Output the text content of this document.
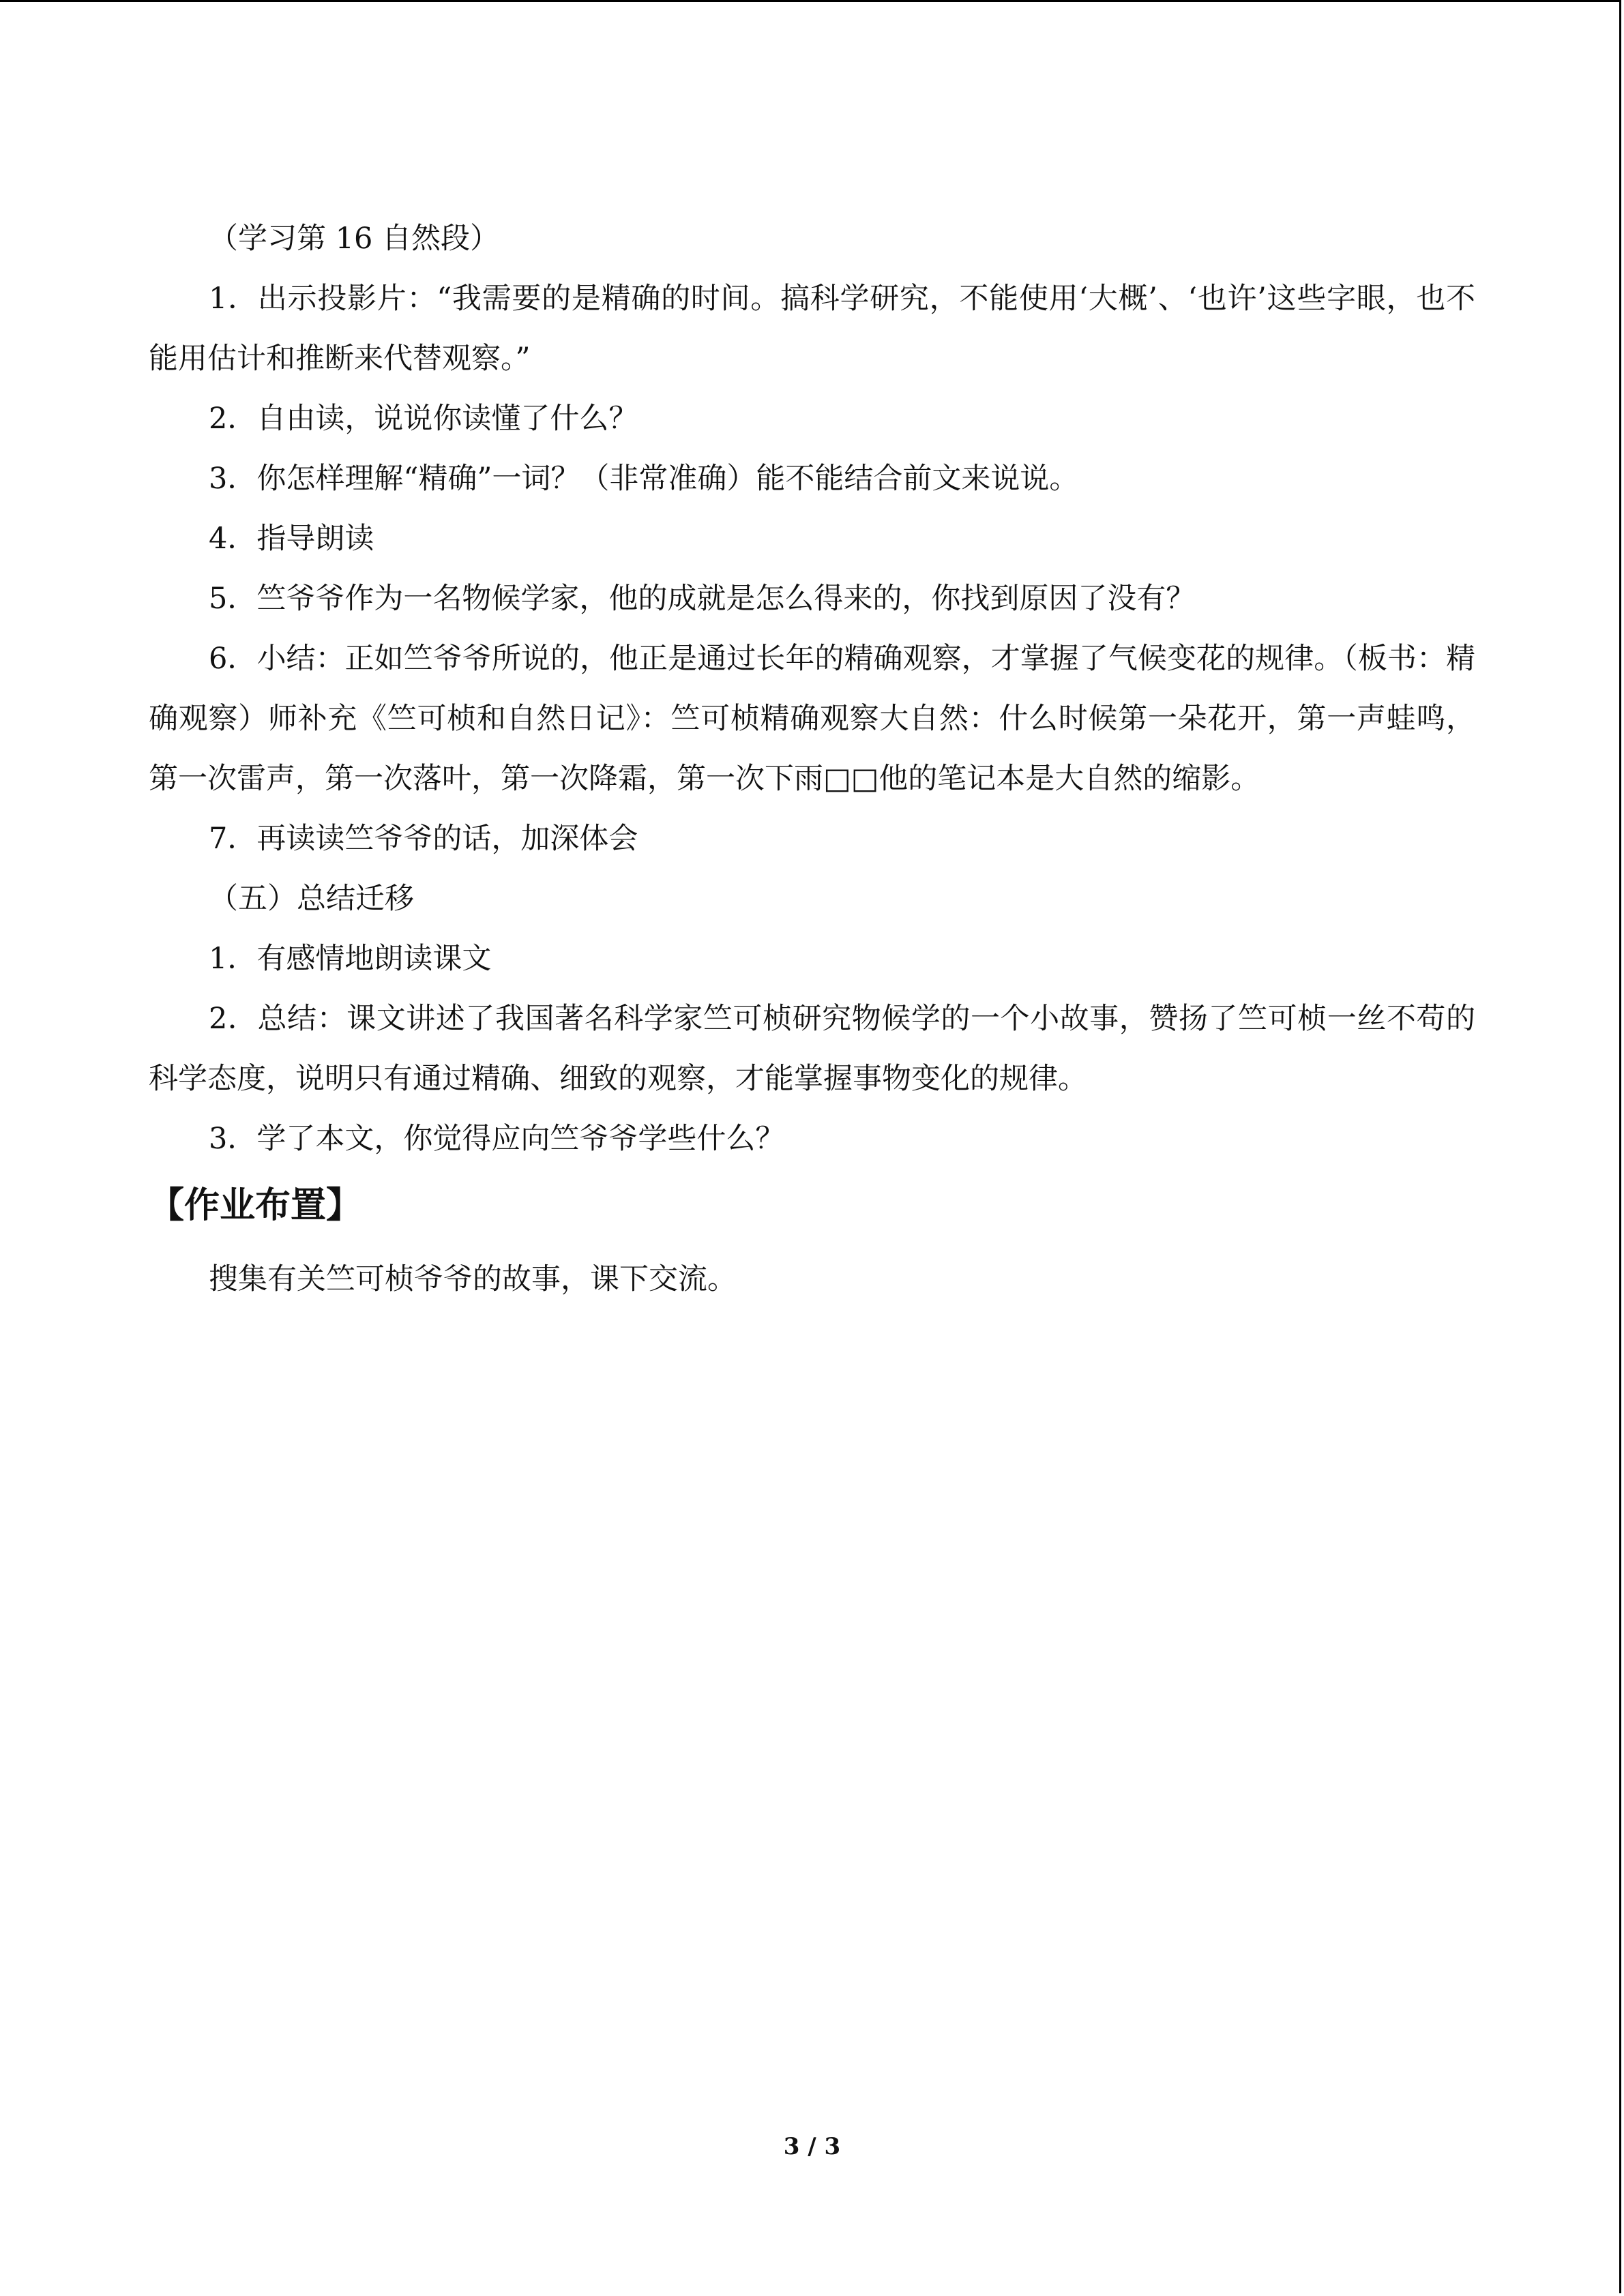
（学习第 16 自然段）

1．出示投影片：“我需要的是精确的时间。搞科学研究，不能使用‘大概’、‘也许’这些字眼，也不能用估计和推断来代替观察。”

2．自由读，说说你读懂了什么？

3．你怎样理解“精确”一词？（非常准确）能不能结合前文来说说。

4．指导朗读

5．竺爷爷作为一名物候学家，他的成就是怎么得来的，你找到原因了没有？

6．小结：正如竺爷爷所说的，他正是通过长年的精确观察，才掌握了气候变花的规律。（板书：精确观察）师补充《竺可桢和自然日记》：竺可桢精确观察大自然：什么时候第一朵花开，第一声蛙鸣，第一次雷声，第一次落叶，第一次降霜，第一次下雨□□他的笔记本是大自然的缩影。

7．再读读竺爷爷的话，加深体会

（五）总结迁移

1．有感情地朗读课文

2．总结：课文讲述了我国著名科学家竺可桢研究物候学的一个小故事，赞扬了竺可桢一丝不苟的科学态度，说明只有通过精确、细致的观察，才能掌握事物变化的规律。

3．学了本文，你觉得应向竺爷爷学些什么？

【作业布置】

搜集有关竺可桢爷爷的故事，课下交流。

3 / 3
